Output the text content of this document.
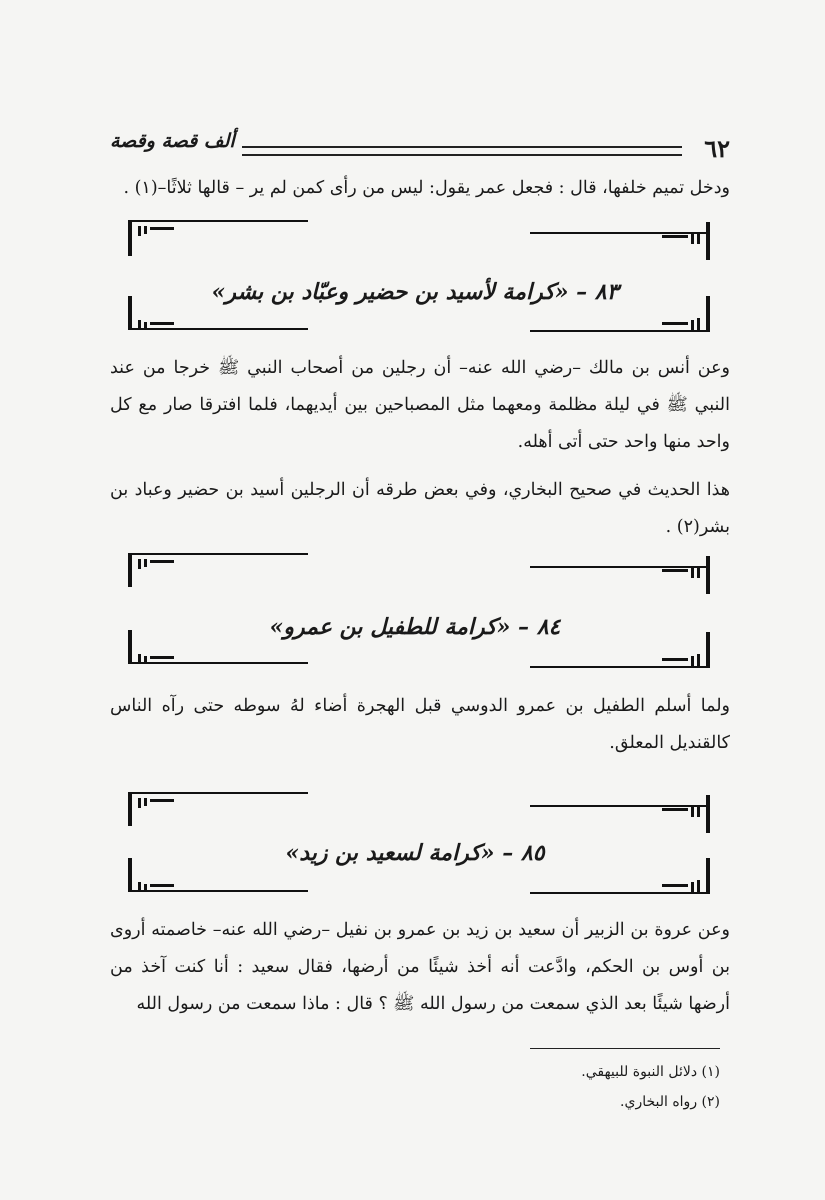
ألف قصة وقصة	٦٢
ودخل تميم خلفها، قال : فجعل عمر يقول: ليس من رأى كمن لم ير – قالها ثلاثًا–(١) .
٨٣ – «كرامة لأسيد بن حضير وعبّاد بن بشر»
وعن أنس بن مالك –رضي الله عنه– أن رجلين من أصحاب النبي ﷺ خرجا من عند النبي ﷺ في ليلة مظلمة ومعهما مثل المصباحين بين أيديهما، فلما افترقا صار مع كل واحد منها واحد حتى أتى أهله.
هذا الحديث في صحيح البخاري، وفي بعض طرقه أن الرجلين أسيد بن حضير وعباد بن بشر(٢) .
٨٤ – «كرامة للطفيل بن عمرو»
ولما أسلم الطفيل بن عمرو الدوسي قبل الهجرة أضاء لهُ سوطه حتى رآه الناس كالقنديل المعلق.
٨٥ – «كرامة لسعيد بن زيد»
وعن عروة بن الزبير أن سعيد بن زيد بن عمرو بن نفيل –رضي الله عنه– خاصمته أروى بن أوس بن الحكم، وادَّعت أنه أخذ شيئًا من أرضها، فقال سعيد : أنا كنت آخذ من أرضها شيئًا بعد الذي سمعت من رسول الله ﷺ ؟ قال : ماذا سمعت من رسول الله
(١) دلائل النبوة للبيهقي.
(٢) رواه البخاري.
